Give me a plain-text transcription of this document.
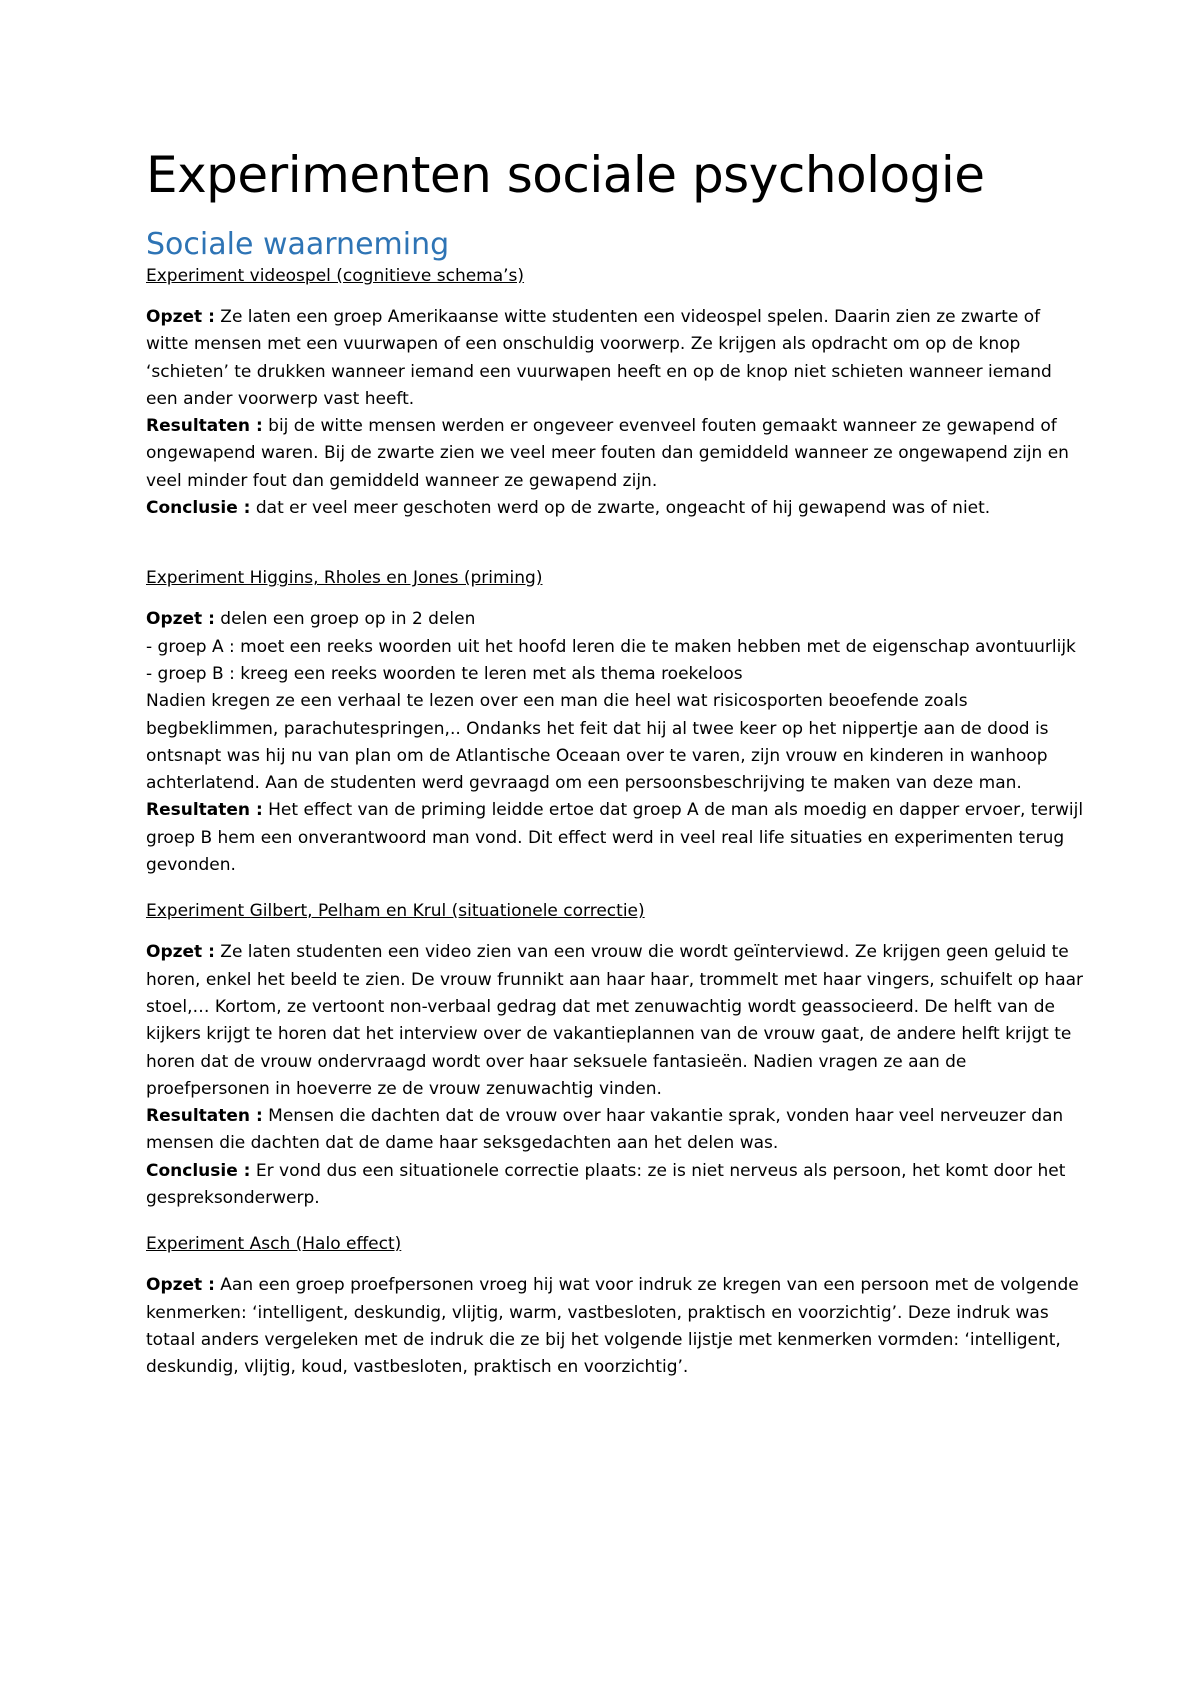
Experimenten sociale psychologie
Sociale waarneming

Experiment videospel (cognitieve schema’s)

Opzet : Ze laten een groep Amerikaanse witte studenten een videospel spelen. Daarin zien ze zwarte of witte mensen met een vuurwapen of een onschuldig voorwerp. Ze krijgen als opdracht om op de knop ‘schieten’ te drukken wanneer iemand een vuurwapen heeft en op de knop niet schieten wanneer iemand een ander voorwerp vast heeft.

Resultaten : bij de witte mensen werden er ongeveer evenveel fouten gemaakt wanneer ze gewapend of ongewapend waren. Bij de zwarte zien we veel meer fouten dan gemiddeld wanneer ze ongewapend zijn en veel minder fout dan gemiddeld wanneer ze gewapend zijn.

Conclusie : dat er veel meer geschoten werd op de zwarte, ongeacht of hij gewapend was of niet.

Experiment Higgins, Rholes en Jones (priming)

Opzet : delen een groep op in 2 delen

- groep A : moet een reeks woorden uit het hoofd leren die te maken hebben met de eigenschap avontuurlijk

- groep B : kreeg een reeks woorden te leren met als thema roekeloos

Nadien kregen ze een verhaal te lezen over een man die heel wat risicosporten beoefende zoals begbeklimmen, parachutespringen,.. Ondanks het feit dat hij al twee keer op het nippertje aan de dood is ontsnapt was hij nu van plan om de Atlantische Oceaan over te varen, zijn vrouw en kinderen in wanhoop achterlatend. Aan de studenten werd gevraagd om een persoonsbeschrijving te maken van deze man.

Resultaten : Het effect van de priming leidde ertoe dat groep A de man als moedig en dapper ervoer, terwijl groep B hem een onverantwoord man vond. Dit effect werd in veel real life situaties en experimenten terug gevonden.

Experiment Gilbert, Pelham en Krul (situationele correctie)

Opzet : Ze laten studenten een video zien van een vrouw die wordt geïnterviewd. Ze krijgen geen geluid te horen, enkel het beeld te zien. De vrouw frunnikt aan haar haar, trommelt met haar vingers, schuifelt op haar stoel,… Kortom, ze vertoont non-verbaal gedrag dat met zenuwachtig wordt geassocieerd. De helft van de kijkers krijgt te horen dat het interview over de vakantieplannen van de vrouw gaat, de andere helft krijgt te horen dat de vrouw ondervraagd wordt over haar seksuele fantasieën. Nadien vragen ze aan de proefpersonen in hoeverre ze de vrouw zenuwachtig vinden.

Resultaten : Mensen die dachten dat de vrouw over haar vakantie sprak, vonden haar veel nerveuzer dan mensen die dachten dat de dame haar seksgedachten aan het delen was.

Conclusie : Er vond dus een situationele correctie plaats: ze is niet nerveus als persoon, het komt door het gespreksonderwerp.

Experiment Asch (Halo effect)

Opzet : Aan een groep proefpersonen vroeg hij wat voor indruk ze kregen van een persoon met de volgende kenmerken: ‘intelligent, deskundig, vlijtig, warm, vastbesloten, praktisch en voorzichtig’. Deze indruk was totaal anders vergeleken met de indruk die ze bij het volgende lijstje met kenmerken vormden: ‘intelligent, deskundig, vlijtig, koud, vastbesloten, praktisch en voorzichtig’.
